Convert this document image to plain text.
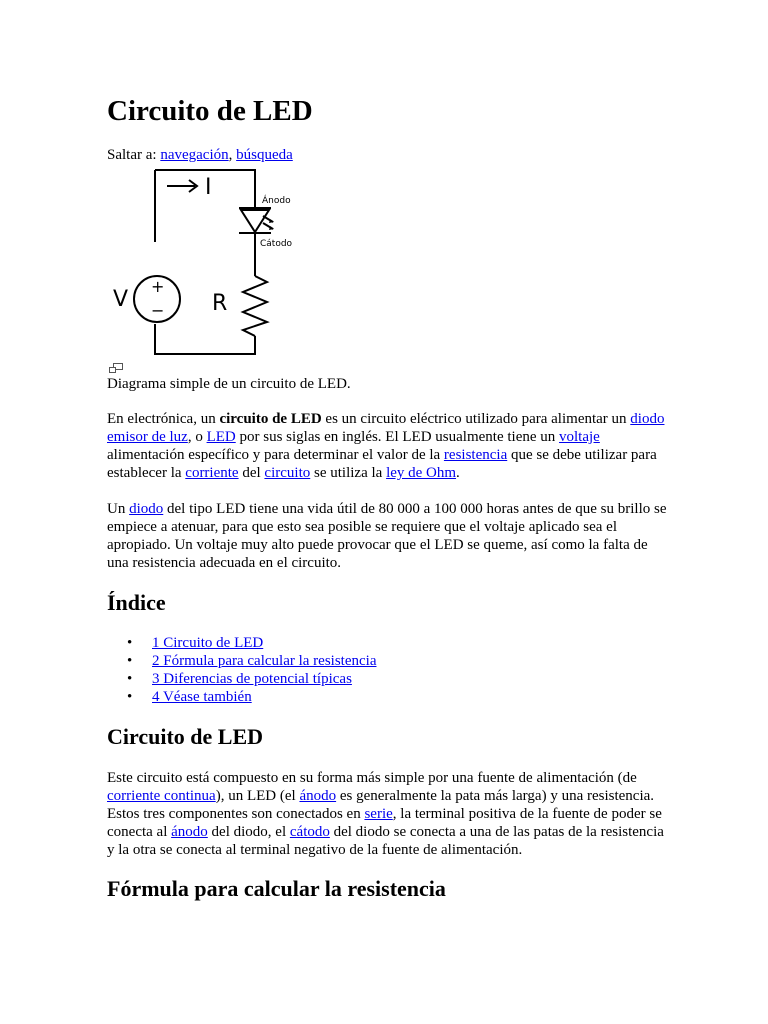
Circuito de LED

Saltar a: navegación, búsqueda

I
Ánodo
Cátodo
V	R
+
−

Diagrama simple de un circuito de LED.

En electrónica, un circuito de LED es un circuito eléctrico utilizado para alimentar un diodo emisor de luz, o LED por sus siglas en inglés. El LED usualmente tiene un voltaje alimentación específico y para determinar el valor de la resistencia que se debe utilizar para establecer la corriente del circuito se utiliza la ley de Ohm.

Un diodo del tipo LED tiene una vida útil de 80 000 a 100 000 horas antes de que su brillo se empiece a atenuar, para que esto sea posible se requiere que el voltaje aplicado sea el apropiado. Un voltaje muy alto puede provocar que el LED se queme, así como la falta de una resistencia adecuada en el circuito.

Índice
• 1 Circuito de LED
• 2 Fórmula para calcular la resistencia
• 3 Diferencias de potencial típicas
• 4 Véase también
Circuito de LED

Este circuito está compuesto en su forma más simple por una fuente de alimentación (de corriente continua), un LED (el ánodo es generalmente la pata más larga) y una resistencia. Estos tres componentes son conectados en serie, la terminal positiva de la fuente de poder se conecta al ánodo del diodo, el cátodo del diodo se conecta a una de las patas de la resistencia y la otra se conecta al terminal negativo de la fuente de alimentación.

Fórmula para calcular la resistencia
